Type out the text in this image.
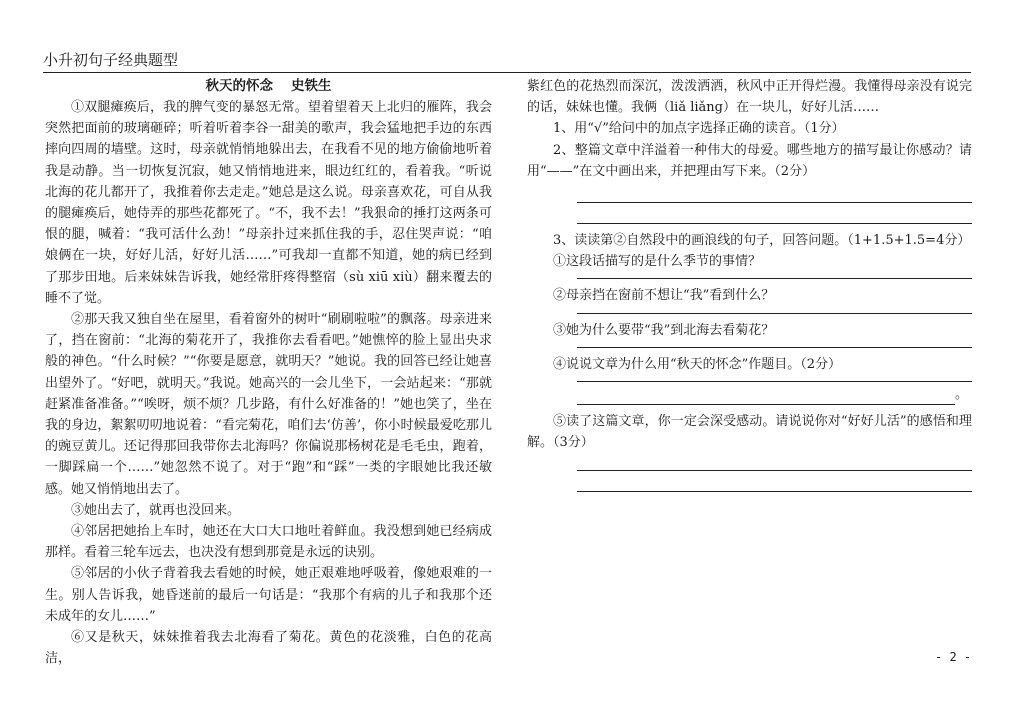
小升初句子经典题型

秋天的怀念 史铁生

①双腿瘫痪后，我的脾气变的暴怒无常。望着望着天上北归的雁阵，我会突然把面前的玻璃砸碎；听着听着李谷一甜美的歌声，我会猛地把手边的东西摔向四周的墙壁。这时，母亲就悄悄地躲出去，在我看不见的地方偷偷地听着我是动静。当一切恢复沉寂，她又悄悄地进来，眼边红红的，看着我。“听说北海的花儿都开了，我推着你去走走。”她总是这么说。母亲喜欢花，可自从我的腿瘫痪后，她侍弄的那些花都死了。“不，我不去！”我狠命的捶打这两条可恨的腿，喊着：“我可活什么劲！”母亲扑过来抓住我的手，忍住哭声说：“咱娘俩在一块，好好儿活，好好儿活……”可我却一直都不知道，她的病已经到了那步田地。后来妹妹告诉我，她经常肝疼得整宿（sù xiū xiù）翻来覆去的睡不了觉。

②那天我又独自坐在屋里，看着窗外的树叶“刷刷啦啦”的飘落。母亲进来了，挡在窗前：“北海的菊花开了，我推你去看看吧。”她憔悴的脸上显出央求般的神色。“什么时候？”“你要是愿意，就明天？”她说。我的回答已经让她喜出望外了。“好吧，就明天。”我说。她高兴的一会儿坐下，一会站起来：“那就赶紧准备准备。”“唉呀，烦不烦？几步路，有什么好准备的！”她也笑了，坐在我的身边，絮絮叨叨地说着：“看完菊花，咱们去‘仿善’，你小时候最爱吃那儿的豌豆黄儿。还记得那回我带你去北海吗？你偏说那杨树花是毛毛虫，跑着，一脚踩扁一个……”她忽然不说了。对于“跑”和“踩”一类的字眼她比我还敏感。她又悄悄地出去了。

③她出去了，就再也没回来。

④邻居把她抬上车时，她还在大口大口地吐着鲜血。我没想到她已经病成那样。看着三轮车远去，也决没有想到那竟是永远的诀别。

⑤邻居的小伙子背着我去看她的时候，她正艰难地呼吸着，像她艰难的一生。别人告诉我，她昏迷前的最后一句话是：“我那个有病的儿子和我那个还未成年的女儿……”

⑥又是秋天，妹妹推着我去北海看了菊花。黄色的花淡雅，白色的花高洁，

紫红色的花热烈而深沉，泼泼洒洒，秋风中正开得烂漫。我懂得母亲没有说完的话，妹妹也懂。我俩（liǎ liǎng）在一块儿，好好儿活……

1、用“√”给问中的加点字选择正确的读音。（1分）

2、整篇文章中洋溢着一种伟大的母爱。哪些地方的描写最让你感动？请用“——”在文中画出来，并把理由写下来。（2分）

3、读读第②自然段中的画浪线的句子，回答问题。（1+1.5+1.5=4分）

①这段话描写的是什么季节的事情？

②母亲挡在窗前不想让“我”看到什么？

③她为什么要带“我”到北海去看菊花？

④说说文章为什么用“秋天的怀念”作题目。（2分）

。

⑤读了这篇文章，你一定会深受感动。请说说你对“好好儿活”的感悟和理解。（3分）

- 2 -
